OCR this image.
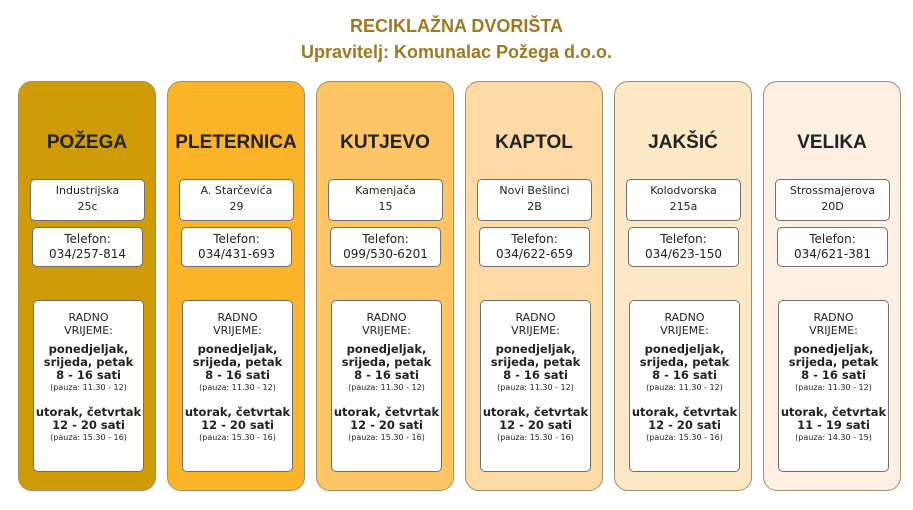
RECIKLAŽNA DVORIŠTA
Upravitelj: Komunalac Požega d.o.o.
POŽEGA
Industrijska
25c
Telefon:
034/257-814
RADNO
VRIJEME:
ponedjeljak,
srijeda, petak
8 - 16 sati
(pauza: 11.30 - 12)
utorak, četvrtak
12 - 20 sati
(pauza: 15.30 - 16)
PLETERNICA
A. Starčevića
29
Telefon:
034/431-693
RADNO
VRIJEME:
ponedjeljak,
srijeda, petak
8 - 16 sati
(pauza: 11.30 - 12)
utorak, četvrtak
12 - 20 sati
(pauza: 15.30 - 16)
KUTJEVO
Kamenjača
15
Telefon:
099/530-6201
RADNO
VRIJEME:
ponedjeljak,
srijeda, petak
8 - 16 sati
(pauza: 11.30 - 12)
utorak, četvrtak
12 - 20 sati
(pauza: 15.30 - 16)
KAPTOL
Novi Bešlinci
2B
Telefon:
034/622-659
RADNO
VRIJEME:
ponedjeljak,
srijeda, petak
8 - 16 sati
(pauza: 11.30 - 12)
utorak, četvrtak
12 - 20 sati
(pauza: 15.30 - 16)
JAKŠIĆ
Kolodvorska
215a
Telefon:
034/623-150
RADNO
VRIJEME:
ponedjeljak,
srijeda, petak
8 - 16 sati
(pauza: 11.30 - 12)
utorak, četvrtak
12 - 20 sati
(pauza: 15.30 - 16)
VELIKA
Strossmajerova
20D
Telefon:
034/621-381
RADNO
VRIJEME:
ponedjeljak,
srijeda, petak
8 - 16 sati
(pauza: 11.30 - 12)
utorak, četvrtak
11 - 19 sati
(pauza: 14.30 - 15)
